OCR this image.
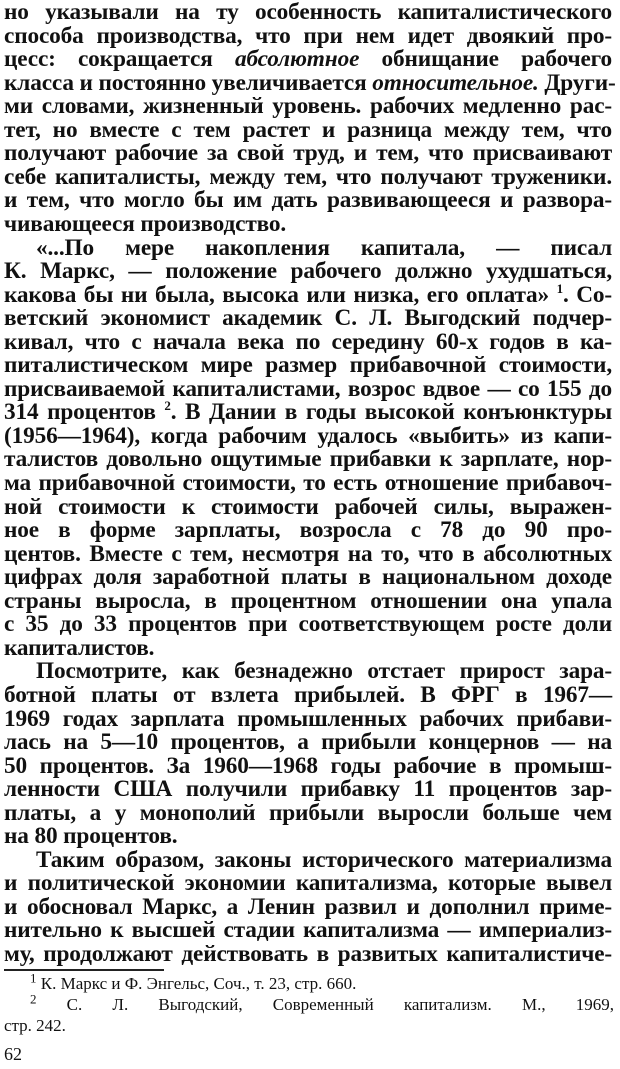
но указывали на ту особенность капиталистического
способа производства, что при нем идет двоякий про-
цесс: сокращается абсолютное обнищание рабочего
класса и постоянно увеличивается относительное. Други-
ми словами, жизненный уровень. рабочих медленно рас-
тет, но вместе с тем растет и разница между тем, что
получают рабочие за свой труд, и тем, что присваивают
себе капиталисты, между тем, что получают труженики.
и тем, что могло бы им дать развивающееся и разворa-
чивающееся производство.
«...По мере накопления капитала, — писал
К. Маркс, — положение рабочего должно ухудшаться,
какова бы ни была, высока или низка, его оплата» $^1$. Со-
ветский экономист академик С. Л. Выгодский подчер-
кивал, что с начала века по середину 60-х годов в ка-
питалистическом мире размер прибавочной стоимости,
присваиваемой капиталистами, возрос вдвое — со 155 до
314 процентов $^2$. В Дании в годы высокой конъюнктуры
(1956—1964), когда рабочим удалось «выбить» из капи-
талистов довольно ощутимые прибавки к зарплате, нор-
ма прибавочной стоимости, то есть отношение прибавоч-
ной стоимости к стоимости рабочей силы, выражен-
ное в форме зарплаты, возросла с 78 до 90 про-
центов. Вместе с тем, несмотря на то, что в абсолютных
цифрах доля заработной платы в национальном доходе
страны выросла, в процентном отношении она упала
с 35 до 33 процентов при соответствующем росте доли
капиталистов.
Посмотрите, как безнадежно отстает прирост зара-
ботной платы от взлета прибылей. В ФРГ в 1967—
1969 годах зарплата промышленных рабочих прибави-
лась на 5—10 процентов, а прибыли концернов — на
50 процентов. За 1960—1968 годы рабочие в промыш-
ленности США получили прибавку 11 процентов зар-
платы, а у монополий прибыли выросли больше чем
на 80 процентов.
Таким образом, законы исторического материализма
и политической экономии капитализма, которые вывел
и обосновал Маркс, а Ленин развил и дополнил приме-
нительно к высшей стадии капитализма — империализ-
му, продолжают действовать в развитых капиталистиче-
$^1$ К. Маркс и Ф. Энгельс, Соч., т. 23, стр. 660.
$^2$ С. Л. Выгодский, Современный капитализм. М., 1969,
стр. 242.
62
